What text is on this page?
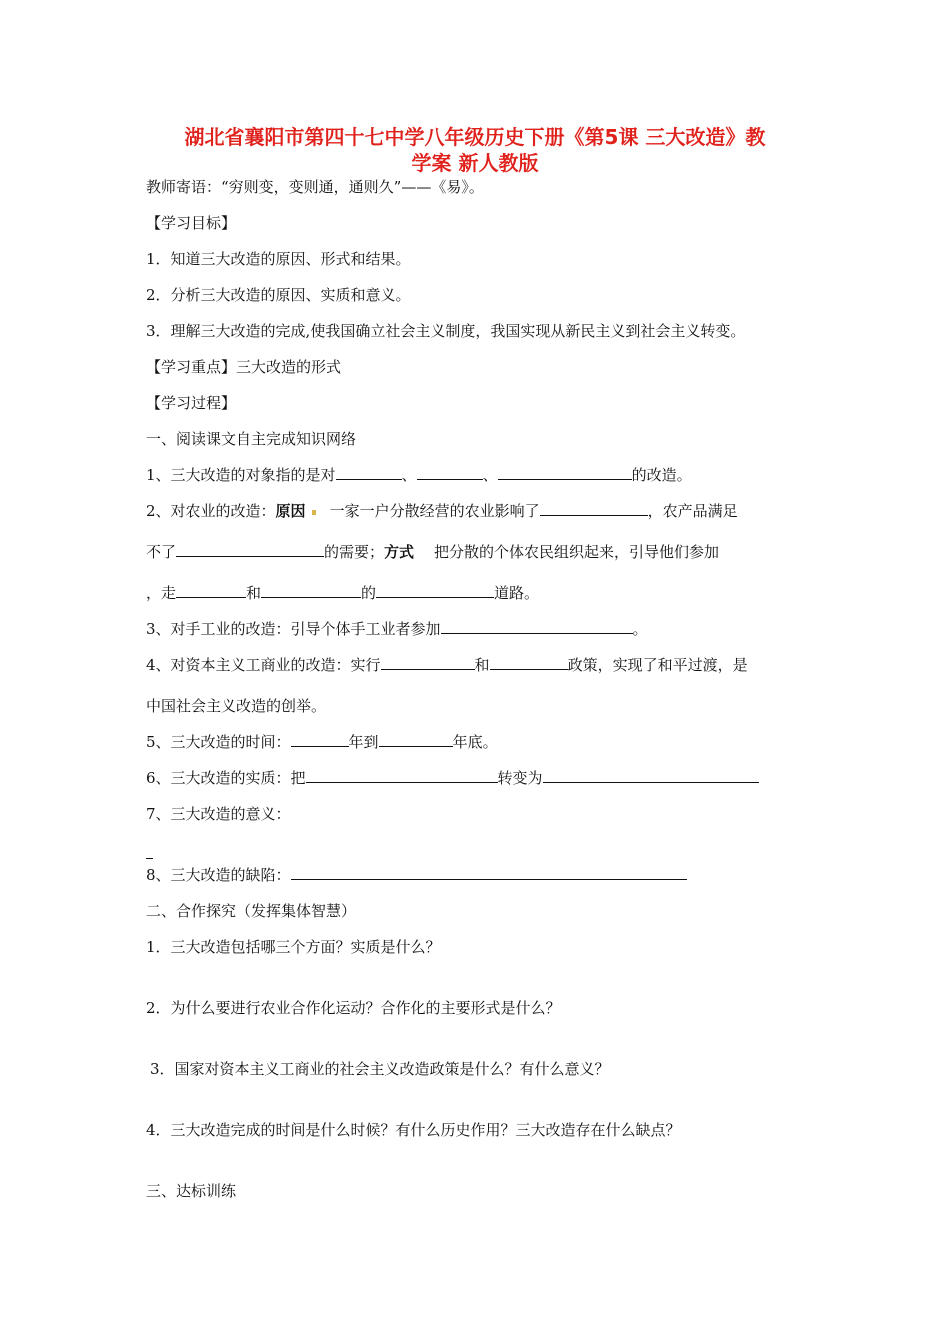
湖北省襄阳市第四十七中学八年级历史下册《第5课 三大改造》教
学案 新人教版
教师寄语：“穷则变，变则通，通则久”——《易》。
【学习目标】
1．知道三大改造的原因、形式和结果。
2．分析三大改造的原因、实质和意义。
3．理解三大改造的完成,使我国确立社会主义制度，我国实现从新民主义到社会主义转变。
【学习重点】三大改造的形式
【学习过程】
一、阅读课文自主完成知识网络
1、三大改造的对象指的是对	、	、	的改造。
2、对农业的改造：原因 一家一户分散经营的农业影响了	，农产品满足
不了	的需要；方式 把分散的个体农民组织起来，引导他们参加
，走	和	的	道路。
3、对手工业的改造：引导个体手工业者参加	。
4、对资本主义工商业的改造：实行	和	政策，实现了和平过渡，是
中国社会主义改造的创举。
5、三大改造的时间：	年到	年底。
6、三大改造的实质：把	转变为
7、三大改造的意义：
8、三大改造的缺陷：
二、合作探究（发挥集体智慧）
1．三大改造包括哪三个方面？实质是什么？
2．为什么要进行农业合作化运动？合作化的主要形式是什么？
3．国家对资本主义工商业的社会主义改造政策是什么？有什么意义？
4．三大改造完成的时间是什么时候？有什么历史作用？三大改造存在什么缺点？
三、达标训练
